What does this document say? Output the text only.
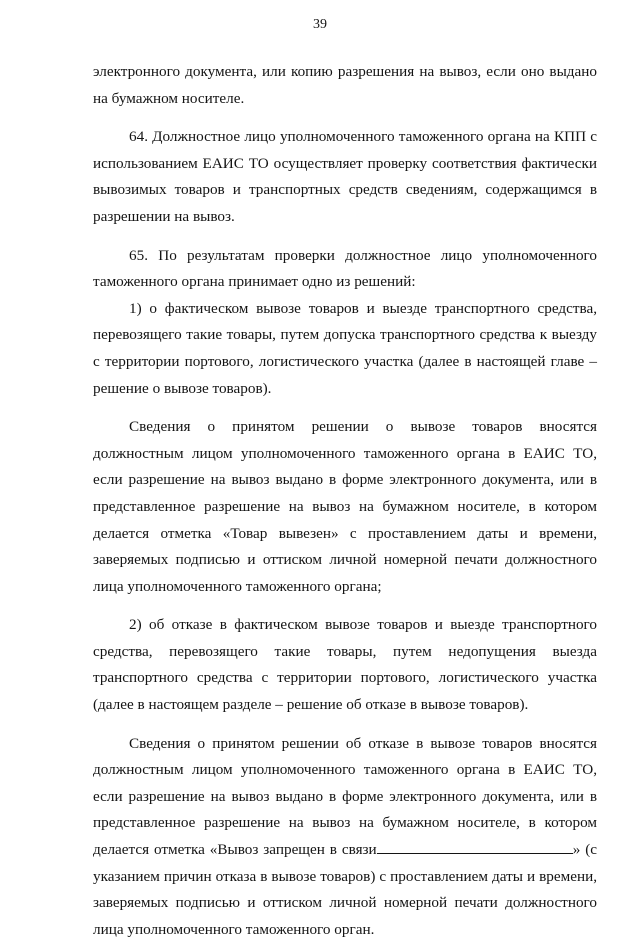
39

электронного документа, или копию разрешения на вывоз, если оно выдано на бумажном носителе.

64. Должностное лицо уполномоченного таможенного органа на КПП с использованием ЕАИС ТО осуществляет проверку соответствия фактически вывозимых товаров и транспортных средств сведениям, содержащимся в разрешении на вывоз.

65. По результатам проверки должностное лицо уполномоченного таможенного органа принимает одно из решений:

1) о фактическом вывозе товаров и выезде транспортного средства, перевозящего такие товары, путем допуска транспортного средства к выезду с территории портового, логистического участка (далее в настоящей главе – решение о вывозе товаров).

Сведения о принятом решении о вывозе товаров вносятся должностным лицом уполномоченного таможенного органа в ЕАИС ТО, если разрешение на вывоз выдано в форме электронного документа, или в представленное разрешение на вывоз на бумажном носителе, в котором делается отметка «Товар вывезен» с проставлением даты и времени, заверяемых подписью и оттиском личной номерной печати должностного лица уполномоченного таможенного органа;

2) об отказе в фактическом вывозе товаров и выезде транспортного средства, перевозящего такие товары, путем недопущения выезда транспортного средства с территории портового, логистического участка (далее в настоящем разделе – решение об отказе в вывозе товаров).

Сведения о принятом решении об отказе в вывозе товаров вносятся должностным лицом уполномоченного таможенного органа в ЕАИС ТО, если разрешение на вывоз выдано в форме электронного документа, или в представленное разрешение на вывоз на бумажном носителе, в котором делается отметка «Вывоз запрещен в связи	» (с указанием причин отказа в вывозе товаров) с проставлением даты и времени, заверяемых подписью и оттиском личной номерной печати должностного лица уполномоченного таможенного орган.
